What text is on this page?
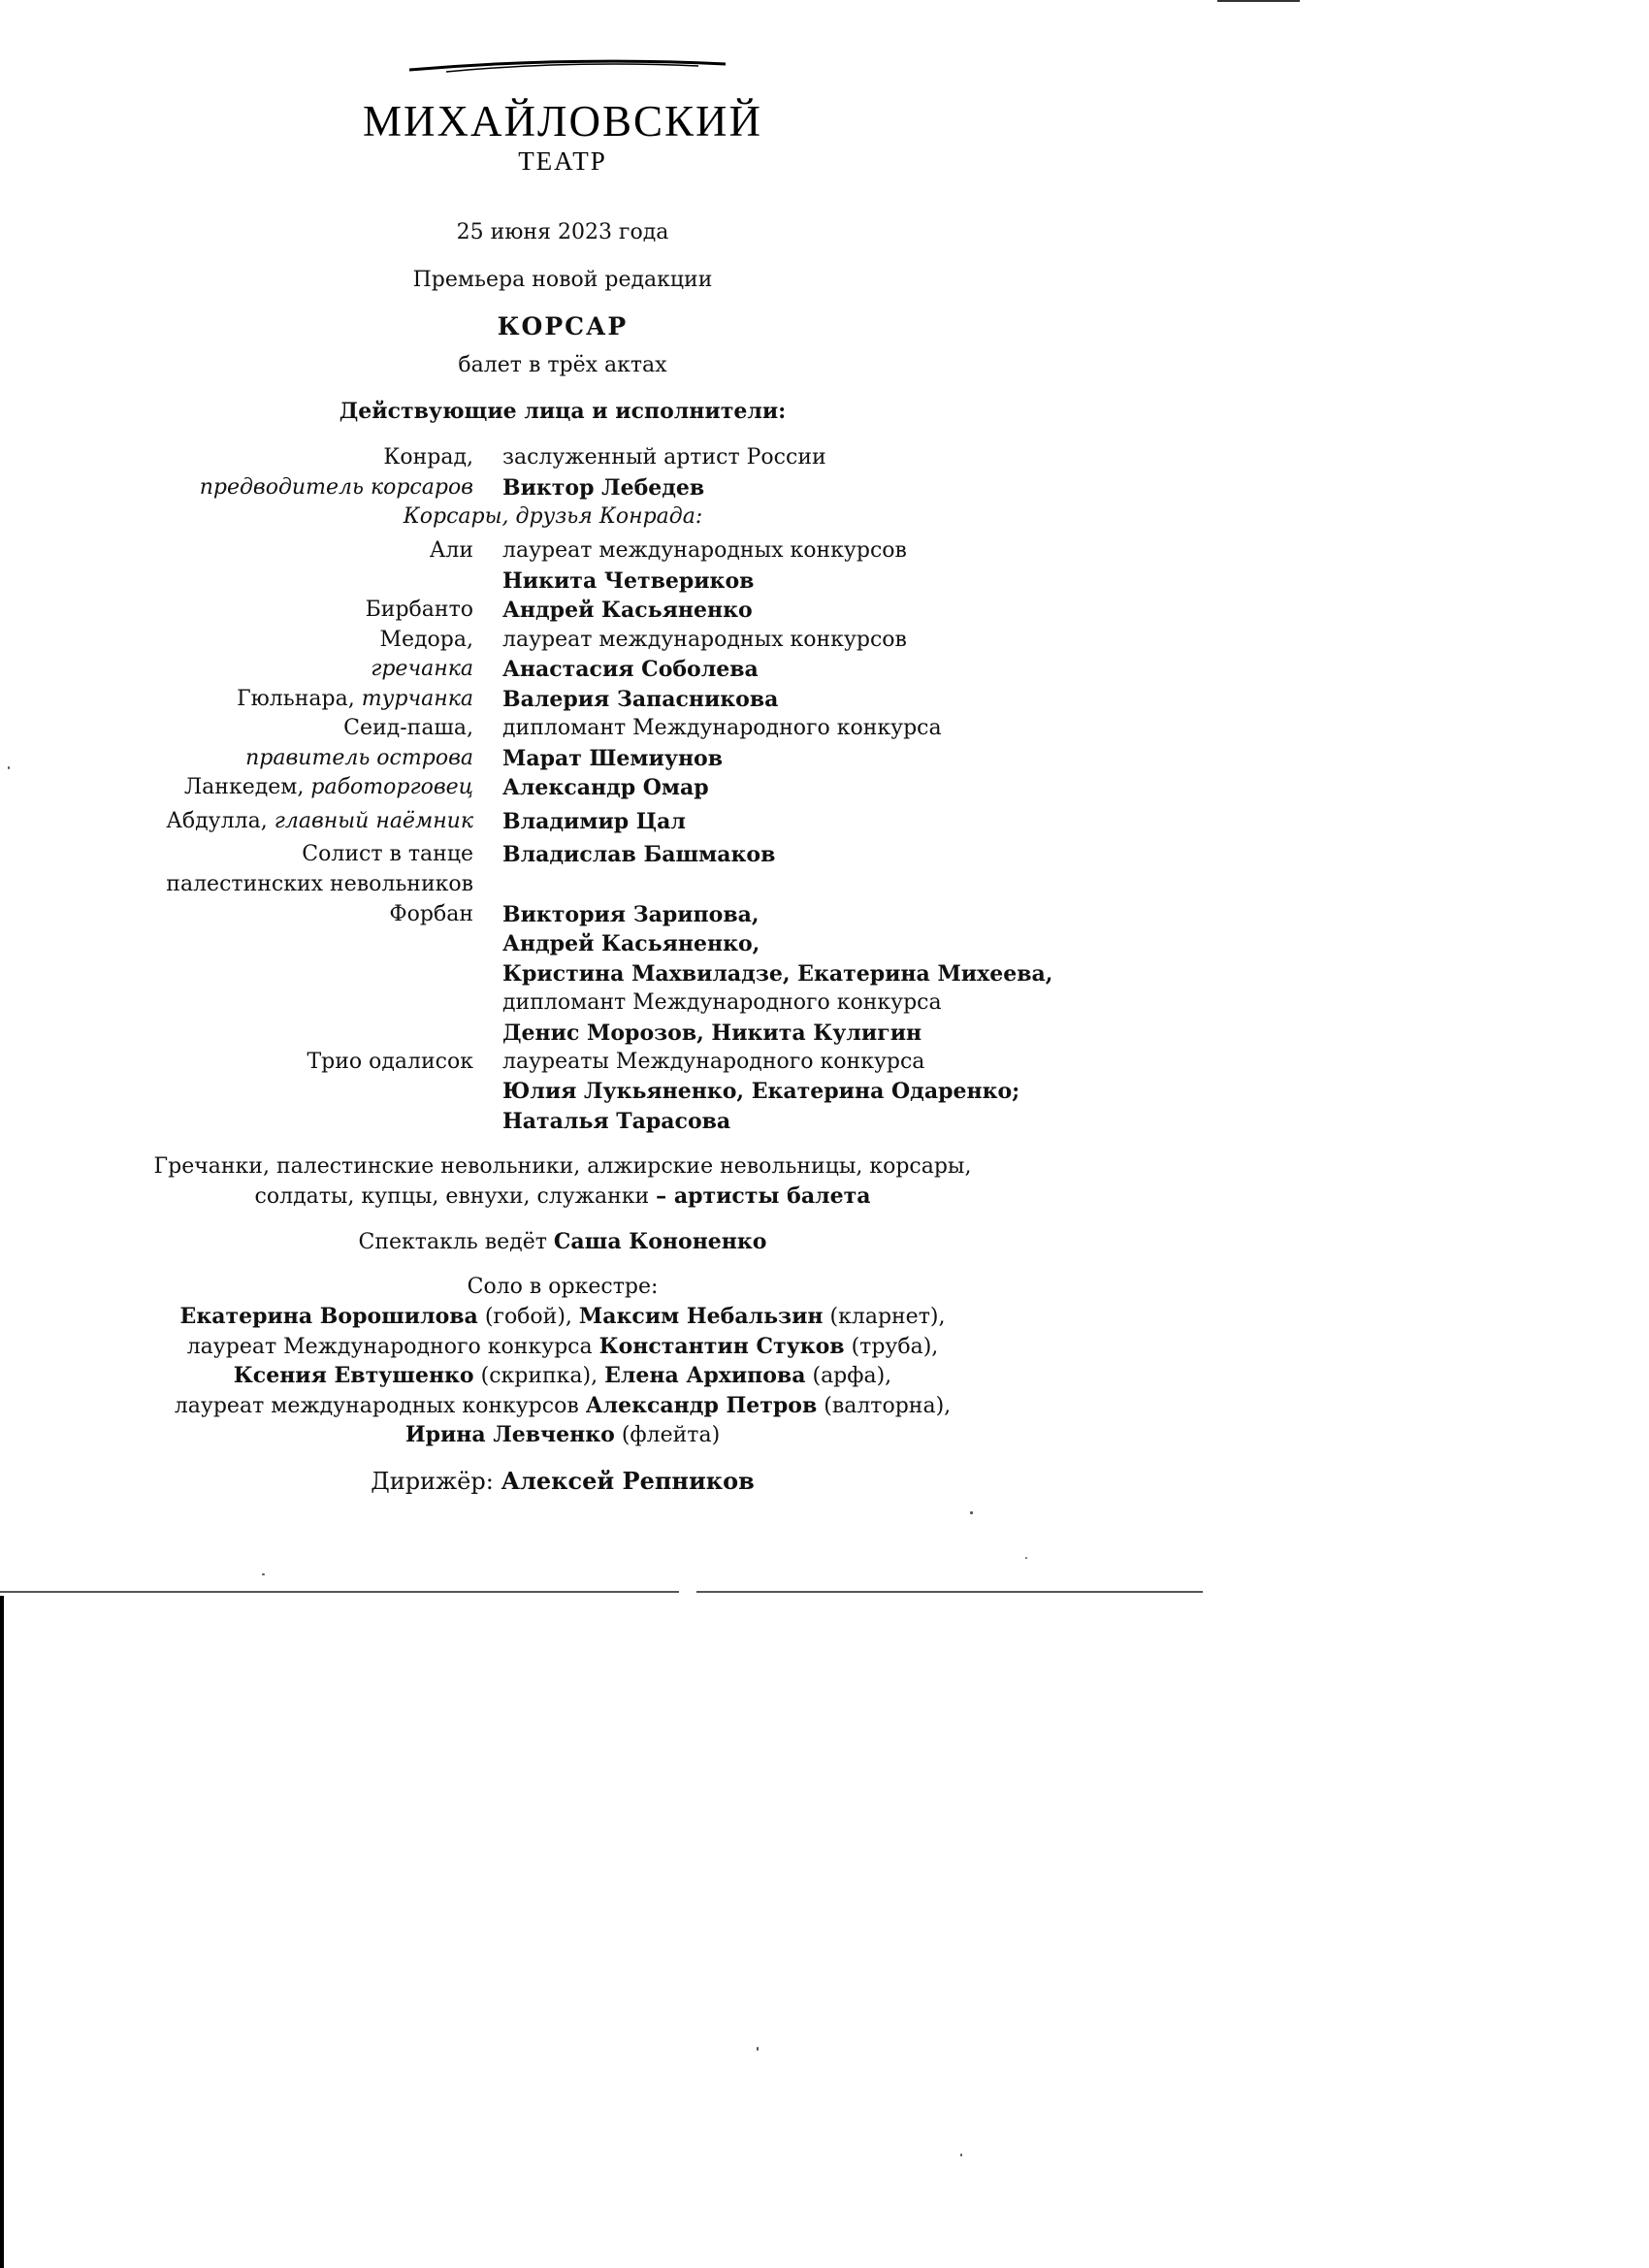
МИХАЙЛОВСКИЙ
ТЕАТР
25 июня 2023 года
Премьера новой редакции
КОРСАР
балет в трёх актах
Действующие лица и исполнители:
Конрад, заслуженный артист России
предводитель корсаров Виктор Лебедев
Корсары, друзья Конрада:
Али лауреат международных конкурсов
Никита Четвериков
Бирбанто Андрей Касьяненко
Медора, лауреат международных конкурсов
гречанка Анастасия Соболева
Гюльнара, турчанка Валерия Запасникова
Сеид-паша, дипломант Международного конкурса
правитель острова Марат Шемиунов
Ланкедем, работорговец Александр Омар
Абдулла, главный наёмник Владимир Цал
Солист в танце Владислав Башмаков
палестинских невольников
Форбан Виктория Зарипова,
Андрей Касьяненко,
Кристина Махвиладзе, Екатерина Михеева,
дипломант Международного конкурса
Денис Морозов, Никита Кулигин
Трио одалисок лауреаты Международного конкурса
Юлия Лукьяненко, Екатерина Одаренко;
Наталья Тарасова
Гречанки, палестинские невольники, алжирские невольницы, корсары,
солдаты, купцы, евнухи, служанки – артисты балета
Спектакль ведёт Саша Кононенко
Соло в оркестре:
Екатерина Ворошилова (гобой), Максим Небальзин (кларнет),
лауреат Международного конкурса Константин Стуков (труба),
Ксения Евтушенко (скрипка), Елена Архипова (арфа),
лауреат международных конкурсов Александр Петров (валторна),
Ирина Левченко (флейта)
Дирижёр: Алексей Репников
